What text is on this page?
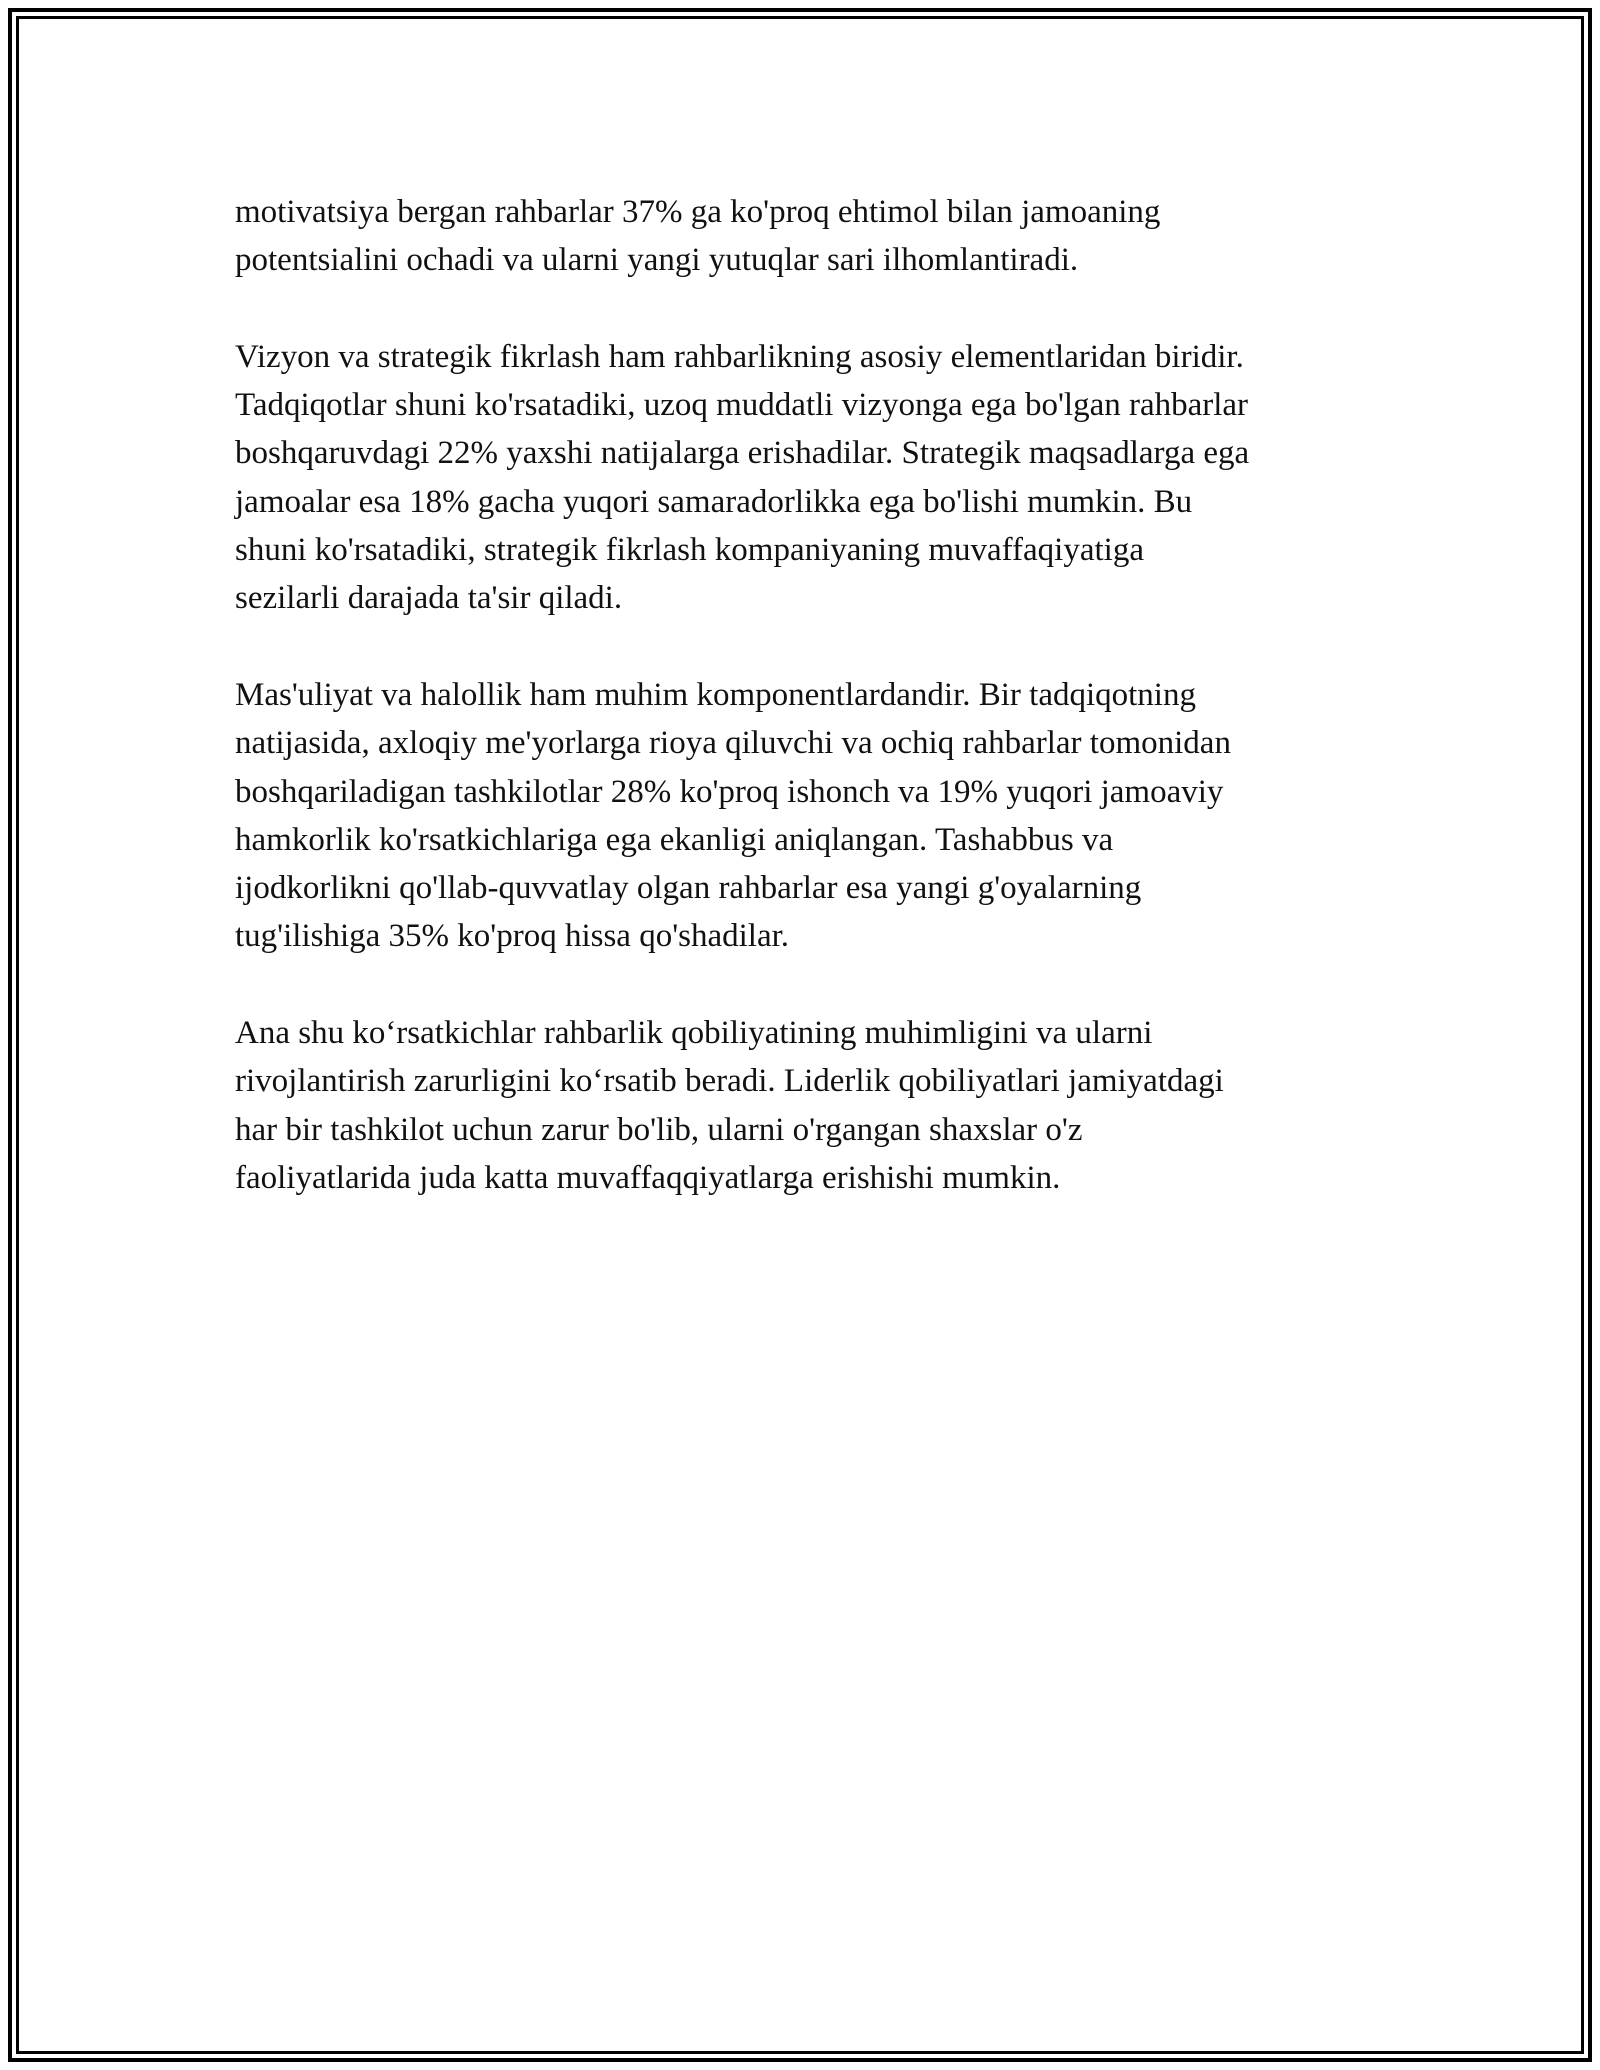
motivatsiya bergan rahbarlar 37% ga ko'proq ehtimol bilan jamoaning
potentsialini ochadi va ularni yangi yutuqlar sari ilhomlantiradi.

Vizyon va strategik fikrlash ham rahbarlikning asosiy elementlaridan biridir.
Tadqiqotlar shuni ko'rsatadiki, uzoq muddatli vizyonga ega bo'lgan rahbarlar
boshqaruvdagi 22% yaxshi natijalarga erishadilar. Strategik maqsadlarga ega
jamoalar esa 18% gacha yuqori samaradorlikka ega bo'lishi mumkin. Bu
shuni ko'rsatadiki, strategik fikrlash kompaniyaning muvaffaqiyatiga
sezilarli darajada ta'sir qiladi.

Mas'uliyat va halollik ham muhim komponentlardandir. Bir tadqiqotning
natijasida, axloqiy me'yorlarga rioya qiluvchi va ochiq rahbarlar tomonidan
boshqariladigan tashkilotlar 28% ko'proq ishonch va 19% yuqori jamoaviy
hamkorlik ko'rsatkichlariga ega ekanligi aniqlangan. Tashabbus va
ijodkorlikni qo'llab-quvvatlay olgan rahbarlar esa yangi g'oyalarning
tug'ilishiga 35% ko'proq hissa qo'shadilar.

Ana shu ko‘rsatkichlar rahbarlik qobiliyatining muhimligini va ularni
rivojlantirish zarurligini ko‘rsatib beradi. Liderlik qobiliyatlari jamiyatdagi
har bir tashkilot uchun zarur bo'lib, ularni o'rgangan shaxslar o'z
faoliyatlarida juda katta muvaffaqqiyatlarga erishishi mumkin.
